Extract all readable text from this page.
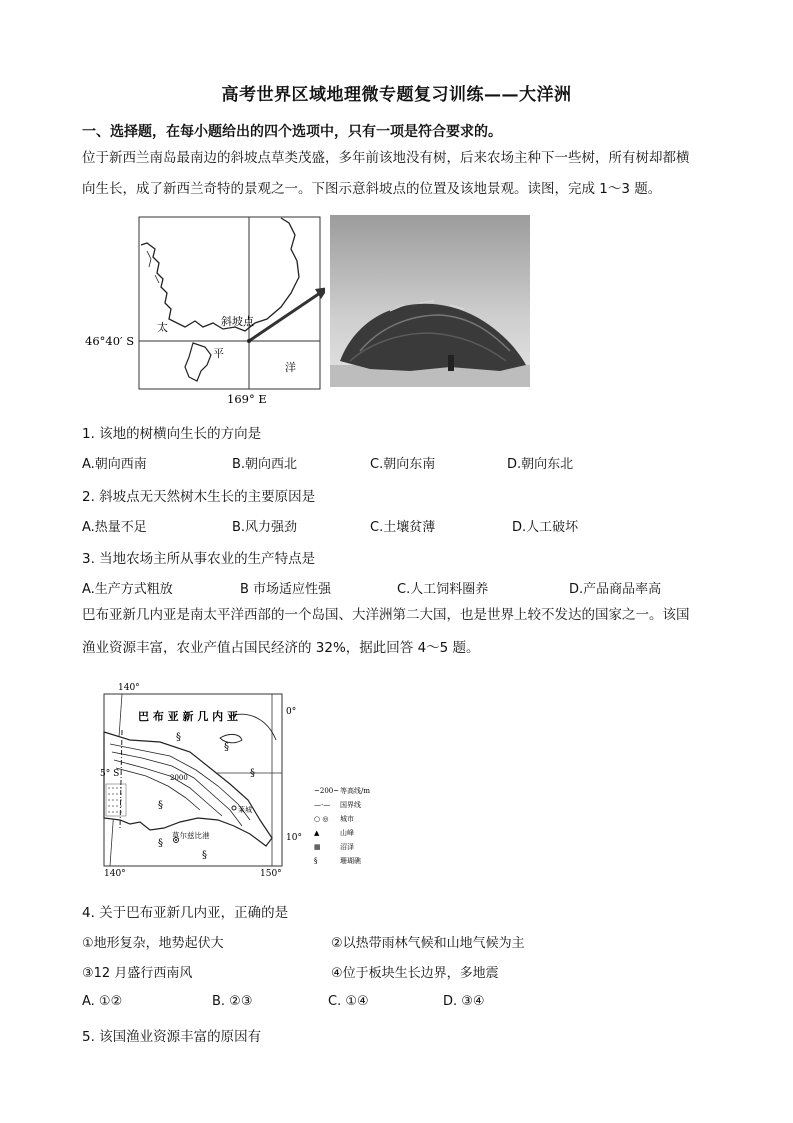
高考世界区域地理微专题复习训练——大洋洲
一、选择题，在每小题给出的四个选项中，只有一项是符合要求的。
位于新西兰南岛最南边的斜坡点草类茂盛，多年前该地没有树，后来农场主种下一些树，所有树却都横
向生长，成了新西兰奇特的景观之一。下图示意斜坡点的位置及该地景观。读图，完成 1～3 题。
斜坡点
太
平
洋
46°40′ S
169° E
1. 该地的树横向生长的方向是
A.朝向西南	B.朝向西北	C.朝向东南	D.朝向东北
2. 斜坡点无天然树木生长的主要原因是
A.热量不足	B.风力强劲	C.土壤贫薄	D.人工破坏
3. 当地农场主所从事农业的生产特点是
A.生产方式粗放	B 市场适应性强	C.人工饲料圈养	D.产品商品率高
巴布亚新几内亚是南太平洋西部的一个岛国、大洋洲第二大国，也是世界上较不发达的国家之一。该国
渔业资源丰富，农业产值占国民经济的 32%，据此回答 4～5 题。
§
§
§
§
§
§
莱城
莫尔兹比港
2000
巴 布 亚 新 几 内 亚
140°
140°	150°
0°
5° S
10°
~200~ 等高线/m
—·— 国界线
○ ◎ 城市
▲	山峰
▦	沼泽
§	珊瑚礁
4. 关于巴布亚新几内亚，正确的是
①地形复杂，地势起伏大	②以热带雨林气候和山地气候为主
③12 月盛行西南风	④位于板块生长边界，多地震
A. ①②	B. ②③	C. ①④	D. ③④
5. 该国渔业资源丰富的原因有
